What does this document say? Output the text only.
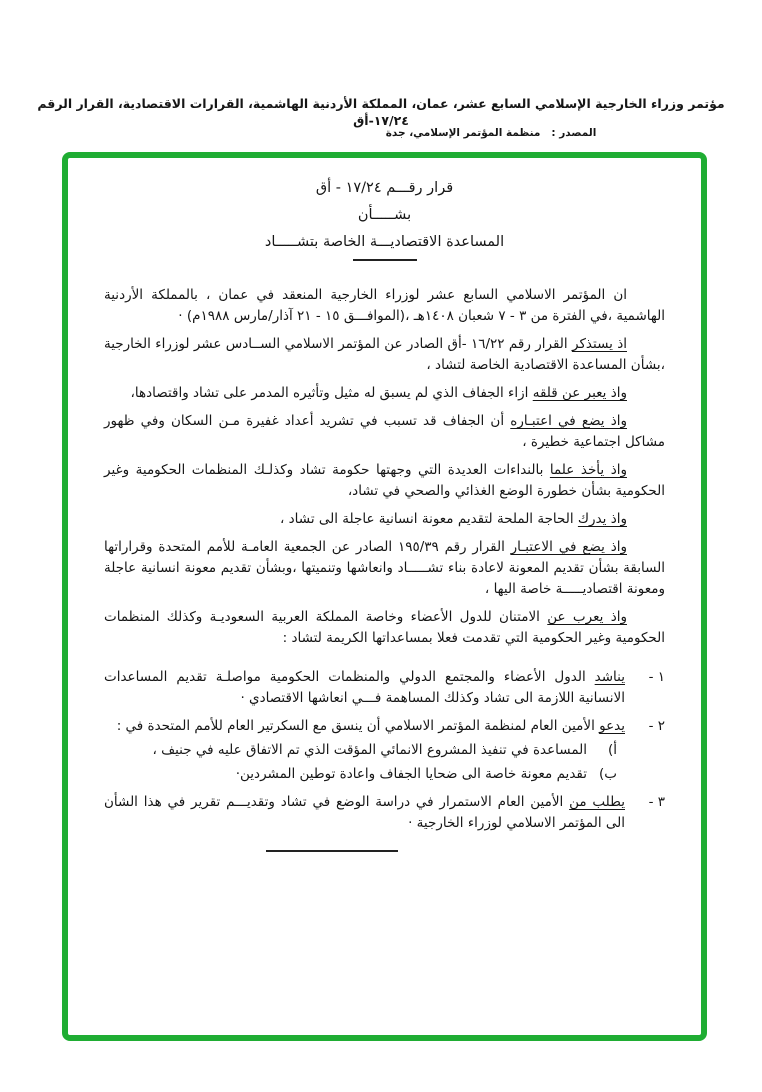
مؤتمر وزراء الخارجية الإسلامي السابع عشر، عمان، المملكة الأردنية الهاشمية، القرارات الاقتصادية، القرار الرقم ١٧/٢٤-أق
المصدر :   منظمة المؤتمر الإسلامي، جدة
قرار رقـــم ١٧/٢٤ - أق
بشـــــأن
المساعدة الاقتصاديـــة الخاصة بتشـــــاد

ان المؤتمر الاسلامي السابع عشر لوزراء الخارجية المنعقد في عمان ، بالمملكة الأردنية الهاشمية ،في الفترة من ٣ - ٧ شعبان ١٤٠٨هـ ،(الموافـــق ١٥ - ٢١ آذار/مارس ١٩٨٨م) ·

اذ يستذكر القرار رقم ١٦/٢٢ -أق الصادر عن المؤتمر الاسلامي الســادس عشر لوزراء الخارجية ،بشأن المساعدة الاقتصادية الخاصة لتشاد ،

واذ يعبر عن قلقه ازاء الجفاف الذي لم يسبق له مثيل وتأثيره المدمر على تشاد واقتصادها،

واذ يضع في اعتبـاره أن الجفاف قد تسبب في تشريد أعداد غفيرة مـن السكان وفي ظهور مشاكل اجتماعية خطيرة ،

واذ يأخذ علما بالنداءات العديدة التي وجهتها حكومة تشاد وكذلـك المنظمات الحكومية وغير الحكومية بشأن خطورة الوضع الغذائي والصحي في تشاد،

واذ يدرك الحاجة الملحة لتقديم معونة انسانية عاجلة الى تشاد ،

واذ يضع في الاعتبـار القرار رقم ١٩٥/٣٩ الصادر عن الجمعية العامـة للأمم المتحدة وقراراتها السابقة بشأن تقديم المعونة لاعادة بناء تشـــــاد وانعاشها وتنميتها ،وبشأن تقديم معونة انسانية عاجلة ومعونة اقتصاديـــــة خاصة اليها ،

واذ يعرب عن الامتنان للدول الأعضاء وخاصة المملكة العربية السعوديـة وكذلك المنظمات الحكومية وغير الحكومية التي تقدمت فعلا بمساعداتها الكريمة لتشاد :

١ -
يناشد الدول الأعضاء والمجتمع الدولي والمنظمات الحكومية مواصلـة تقديم المساعدات الانسانية اللازمة الى تشاد وكذلك المساهمة فـــي انعاشها الاقتصادي ·
٢ -
يدعو الأمين العام لمنظمة المؤتمر الاسلامي أن ينسق مع السكرتير العام للأمم المتحدة في :
أ)
المساعدة في تنفيذ المشروع الانمائي المؤقت الذي تم الاتفاق عليه في جنيف ،
ب)
تقديم معونة خاصة الى ضحايا الجفاف واعادة توطين المشردين·
٣ -
يطلب من الأمين العام الاستمرار في دراسة الوضع في تشاد وتقديـــم تقرير في هذا الشأن الى المؤتمر الاسلامي لوزراء الخارجية ·
